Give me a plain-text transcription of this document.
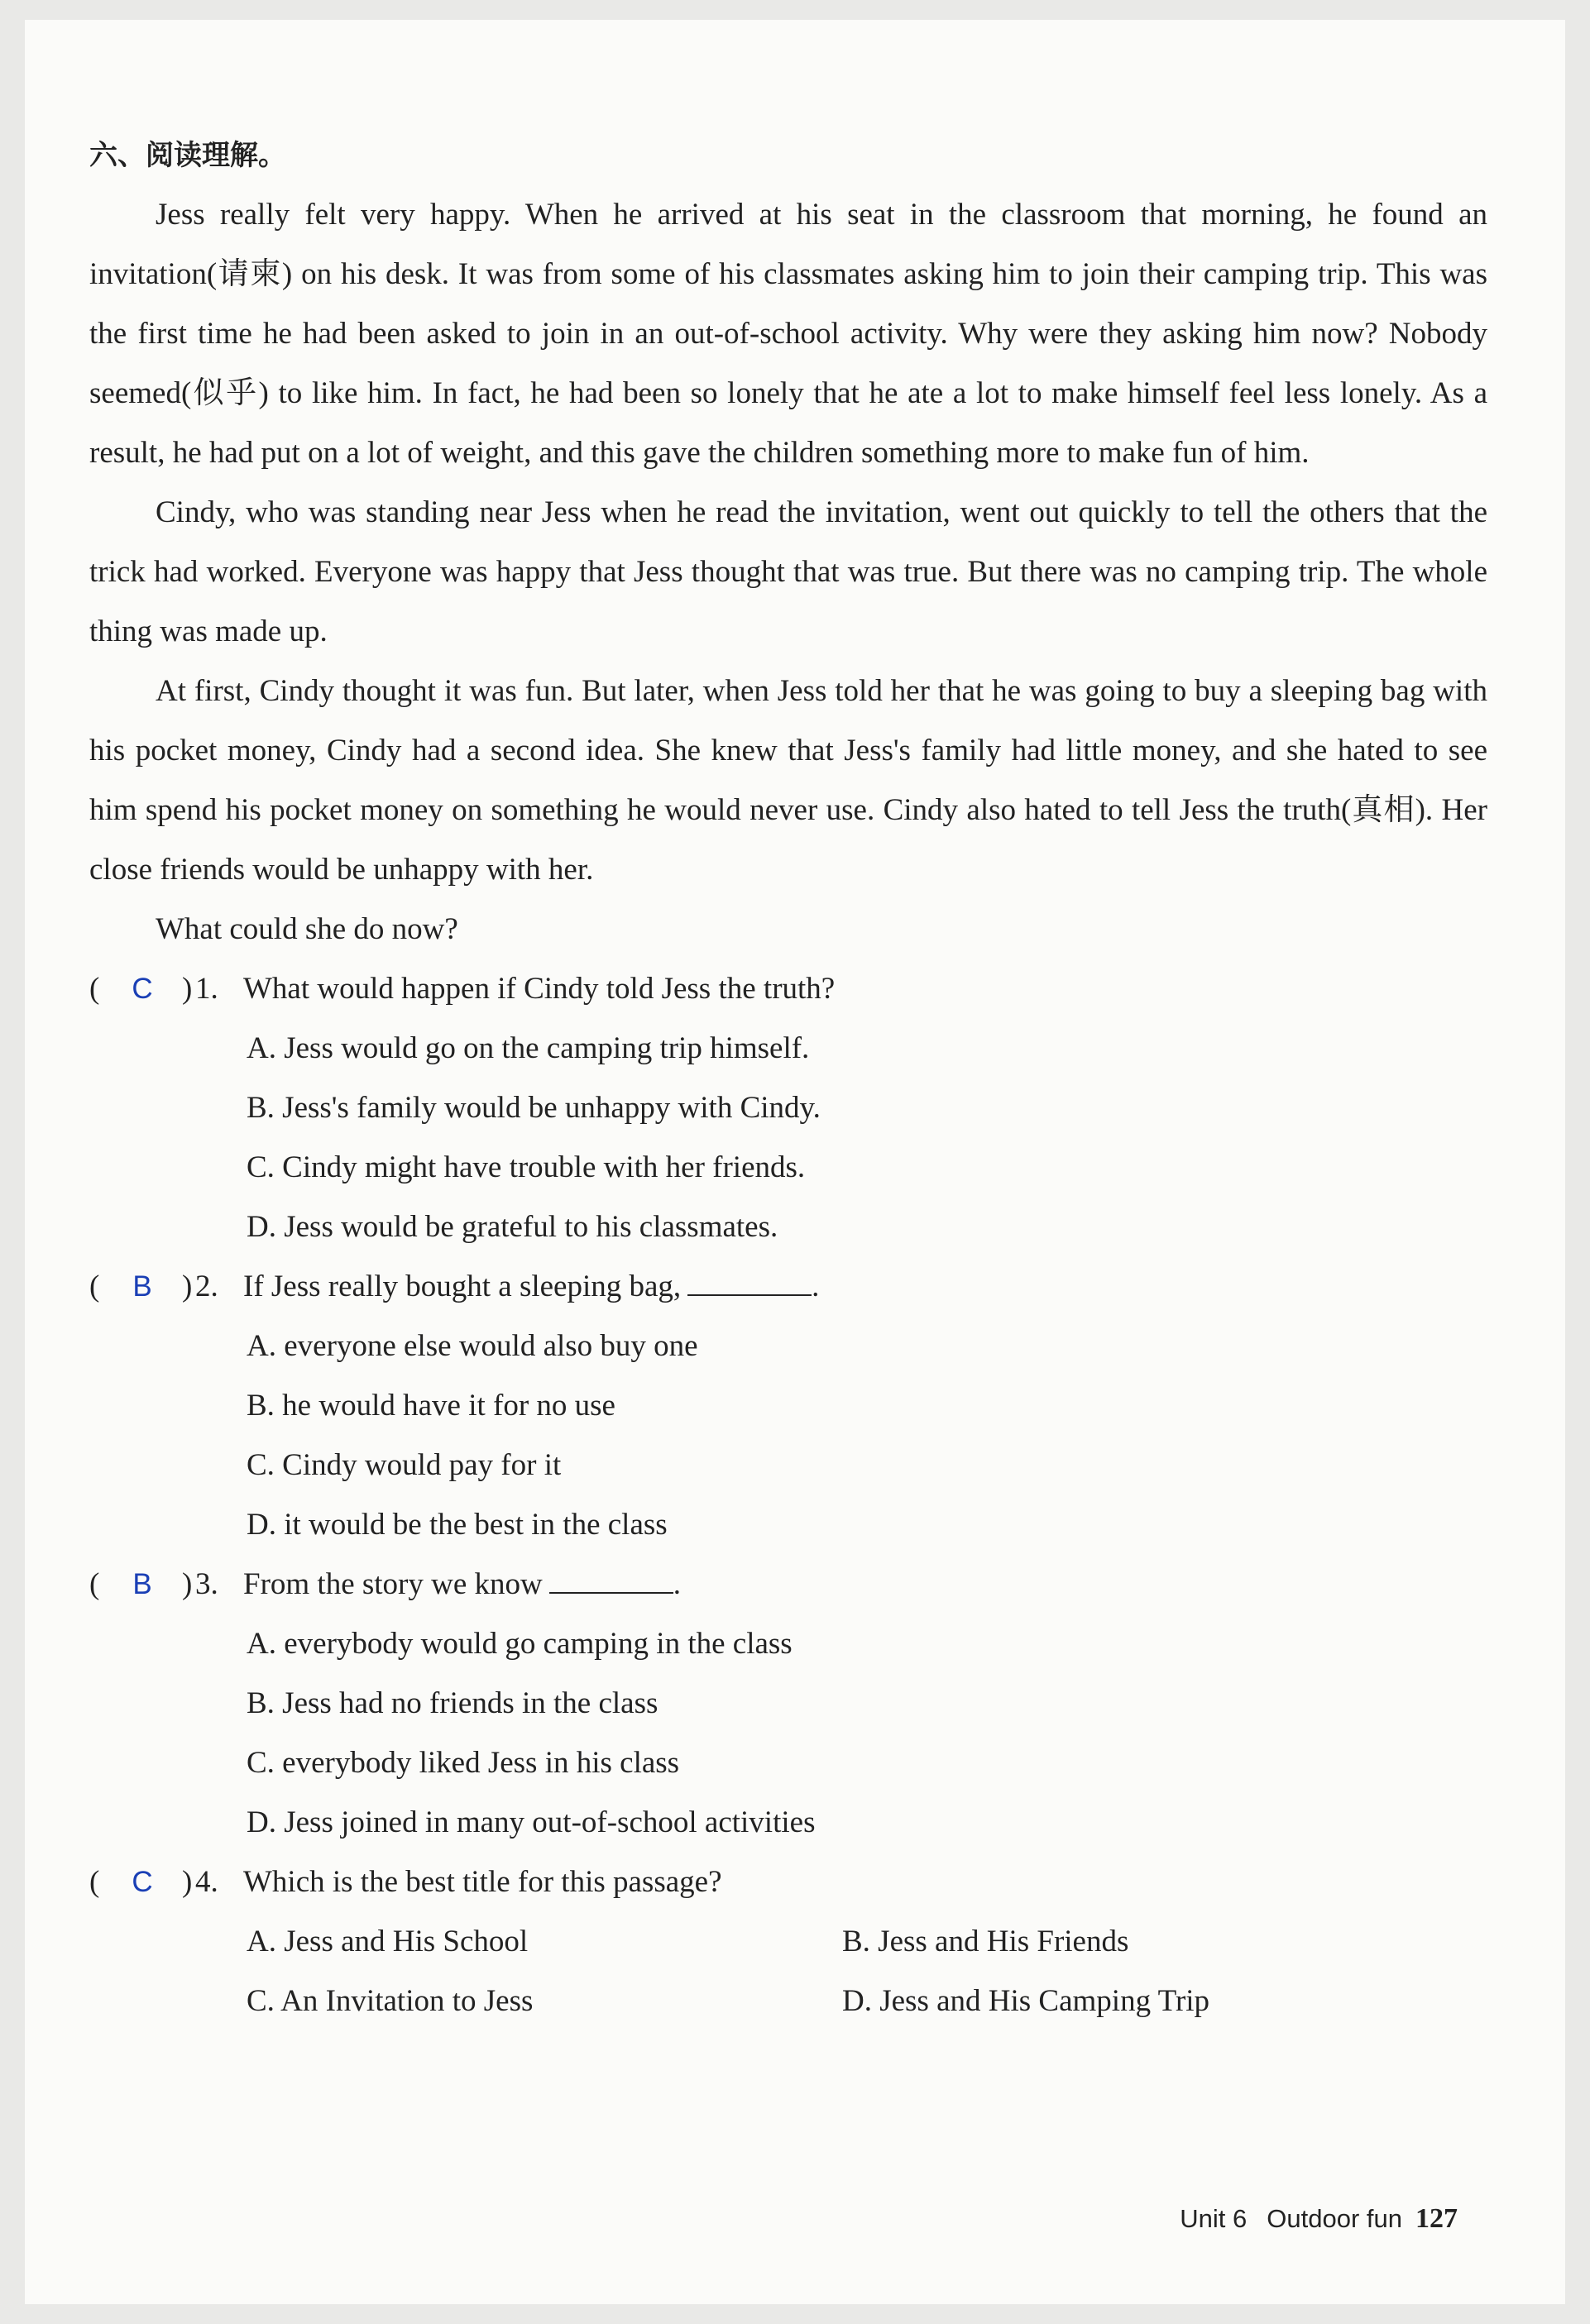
六、阅读理解。

Jess really felt very happy. When he arrived at his seat in the classroom that morning, he found an invitation(请柬) on his desk. It was from some of his classmates asking him to join their camping trip. This was the first time he had been asked to join in an out-of-school activity. Why were they asking him now? Nobody seemed(似乎) to like him. In fact, he had been so lonely that he ate a lot to make himself feel less lonely. As a result, he had put on a lot of weight, and this gave the children something more to make fun of him.

Cindy, who was standing near Jess when he read the invitation, went out quickly to tell the others that the trick had worked. Everyone was happy that Jess thought that was true. But there was no camping trip. The whole thing was made up.

At first, Cindy thought it was fun. But later, when Jess told her that he was going to buy a sleeping bag with his pocket money, Cindy had a second idea. She knew that Jess's family had little money, and she hated to see him spend his pocket money on something he would never use. Cindy also hated to tell Jess the truth(真相). Her close friends would be unhappy with her.

What could she do now?

( C ) 1. What would happen if Cindy told Jess the truth?
A. Jess would go on the camping trip himself.
B. Jess's family would be unhappy with Cindy.
C. Cindy might have trouble with her friends.
D. Jess would be grateful to his classmates.
( B ) 2. If Jess really bought a sleeping bag,	.
A. everyone else would also buy one
B. he would have it for no use
C. Cindy would pay for it
D. it would be the best in the class
( B ) 3. From the story we know	.
A. everybody would go camping in the class
B. Jess had no friends in the class
C. everybody liked Jess in his class
D. Jess joined in many out-of-school activities
( C ) 4. Which is the best title for this passage?
A. Jess and His School	B. Jess and His Friends
C. An Invitation to Jess	D. Jess and His Camping Trip
Unit 6 Outdoor fun 127
